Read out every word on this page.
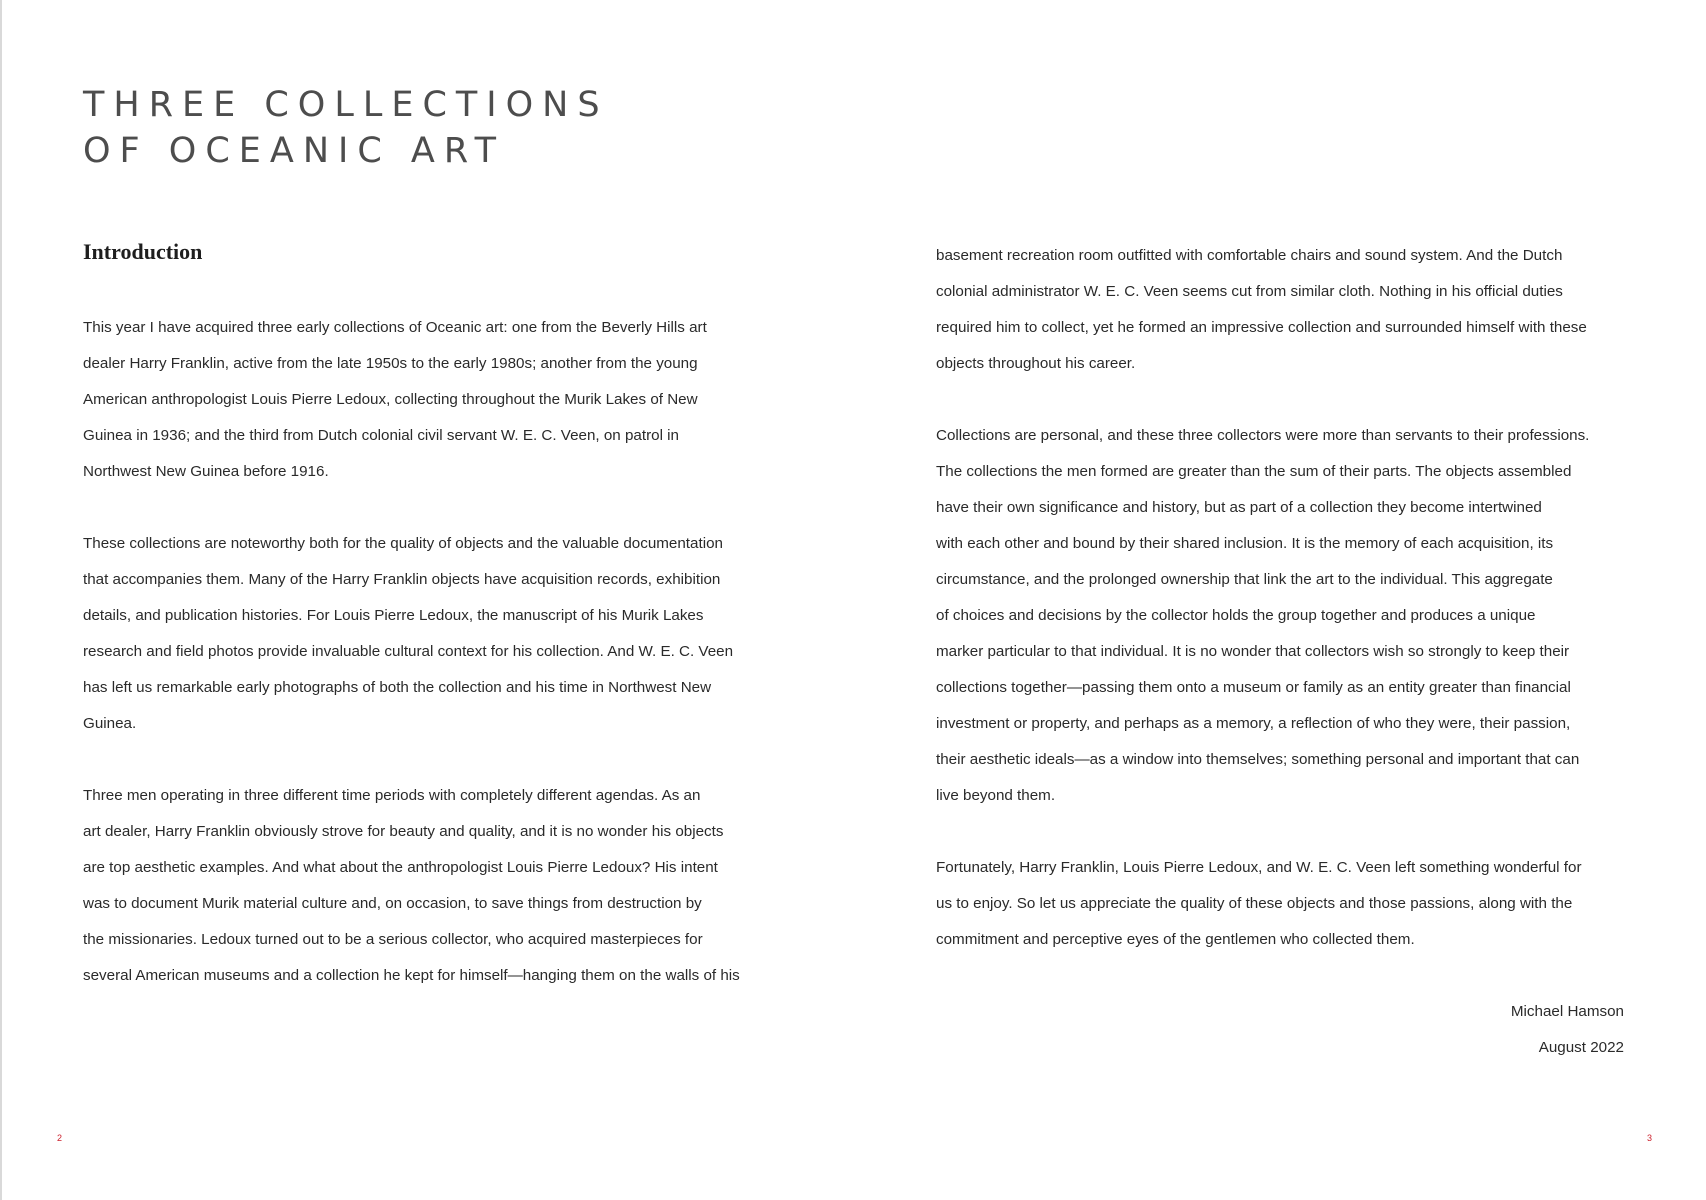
THREE COLLECTIONS
OF OCEANIC ART
Introduction

This year I have acquired three early collections of Oceanic art: one from the Beverly Hills art
dealer Harry Franklin, active from the late 1950s to the early 1980s; another from the young
American anthropologist Louis Pierre Ledoux, collecting throughout the Murik Lakes of New
Guinea in 1936; and the third from Dutch colonial civil servant W. E. C. Veen, on patrol in
Northwest New Guinea before 1916.

These collections are noteworthy both for the quality of objects and the valuable documentation
that accompanies them. Many of the Harry Franklin objects have acquisition records, exhibition
details, and publication histories. For Louis Pierre Ledoux, the manuscript of his Murik Lakes
research and field photos provide invaluable cultural context for his collection. And W. E. C. Veen
has left us remarkable early photographs of both the collection and his time in Northwest New
Guinea.

Three men operating in three different time periods with completely different agendas. As an
art dealer, Harry Franklin obviously strove for beauty and quality, and it is no wonder his objects
are top aesthetic examples. And what about the anthropologist Louis Pierre Ledoux? His intent
was to document Murik material culture and, on occasion, to save things from destruction by
the missionaries. Ledoux turned out to be a serious collector, who acquired masterpieces for
several American museums and a collection he kept for himself—hanging them on the walls of his

basement recreation room outfitted with comfortable chairs and sound system. And the Dutch
colonial administrator W. E. C. Veen seems cut from similar cloth. Nothing in his official duties
required him to collect, yet he formed an impressive collection and surrounded himself with these
objects throughout his career.

Collections are personal, and these three collectors were more than servants to their professions.
The collections the men formed are greater than the sum of their parts. The objects assembled
have their own significance and history, but as part of a collection they become intertwined
with each other and bound by their shared inclusion. It is the memory of each acquisition, its
circumstance, and the prolonged ownership that link the art to the individual. This aggregate
of choices and decisions by the collector holds the group together and produces a unique
marker particular to that individual. It is no wonder that collectors wish so strongly to keep their
collections together—passing them onto a museum or family as an entity greater than financial
investment or property, and perhaps as a memory, a reflection of who they were, their passion,
their aesthetic ideals—as a window into themselves; something personal and important that can
live beyond them.

Fortunately, Harry Franklin, Louis Pierre Ledoux, and W. E. C. Veen left something wonderful for
us to enjoy. So let us appreciate the quality of these objects and those passions, along with the
commitment and perceptive eyes of the gentlemen who collected them.

Michael Hamson
August 2022
2	3
